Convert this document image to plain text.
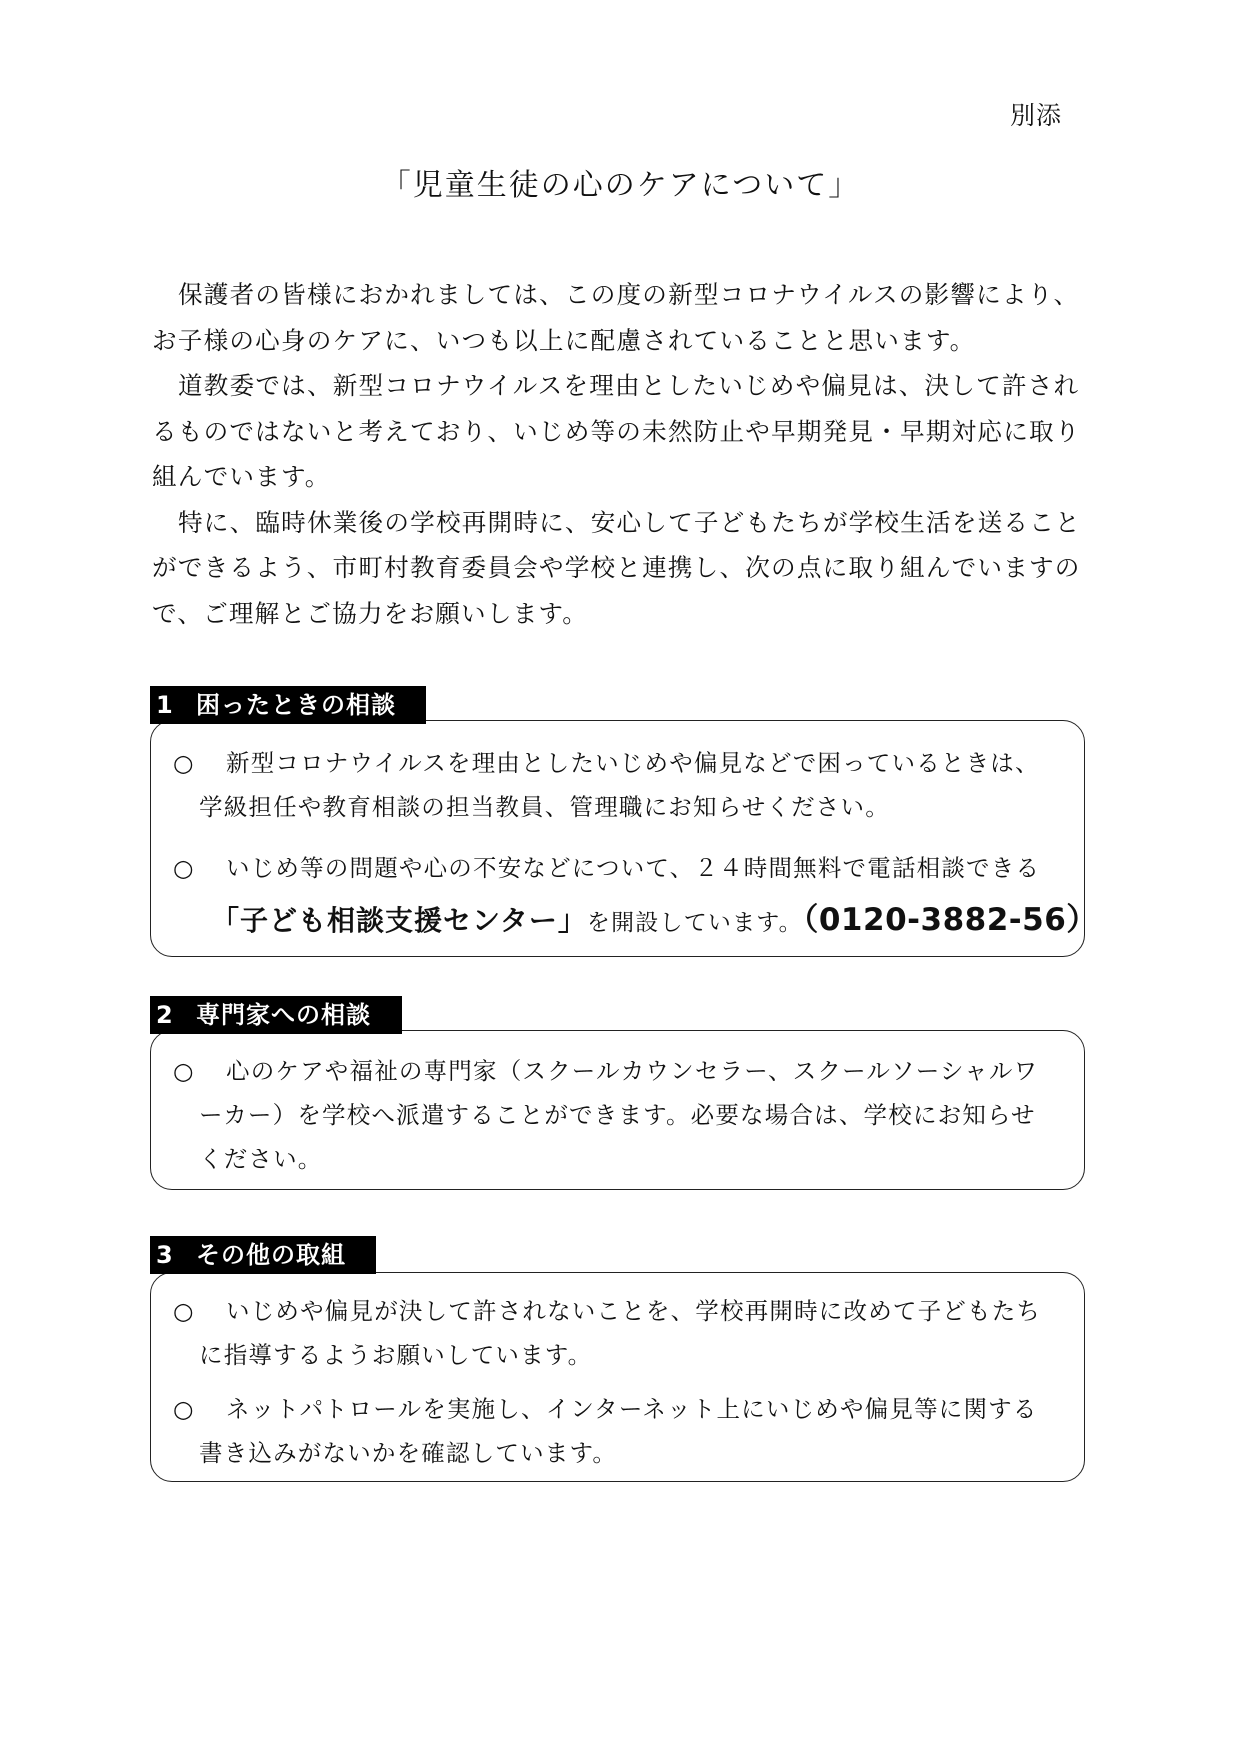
別添
「児童生徒の心のケアについて」

保護者の皆様におかれましては、この度の新型コロナウイルスの影響により、お子様の心身のケアに、いつも以上に配慮されていることと思います。

道教委では、新型コロナウイルスを理由としたいじめや偏見は、決して許されるものではないと考えており、いじめ等の未然防止や早期発見・早期対応に取り組んでいます。

特に、臨時休業後の学校再開時に、安心して子どもたちが学校生活を送ることができるよう、市町村教育委員会や学校と連携し、次の点に取り組んでいますので、ご理解とご協力をお願いします。

1 困ったときの相談
○	新型コロナウイルスを理由としたいじめや偏見などで困っているときは、
学級担任や教育相談の担当教員、管理職にお知らせください。
○	いじめ等の問題や心の不安などについて、２４時間無料で電話相談できる
「子ども相談支援センター」を開設しています。（0120-3882-56）
2 専門家への相談
○	心のケアや福祉の専門家（スクールカウンセラー、スクールソーシャルワ
ーカー）を学校へ派遣することができます。必要な場合は、学校にお知らせ
ください。
3 その他の取組
○	いじめや偏見が決して許されないことを、学校再開時に改めて子どもたち
に指導するようお願いしています。
○	ネットパトロールを実施し、インターネット上にいじめや偏見等に関する
書き込みがないかを確認しています。
